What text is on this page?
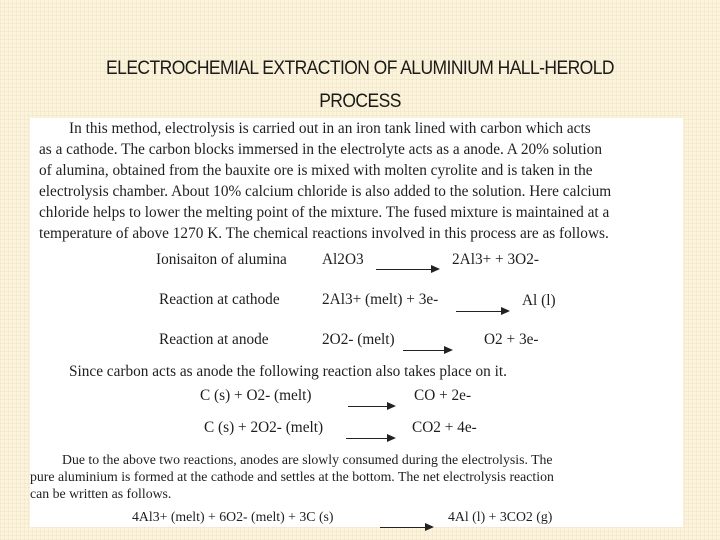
ELECTROCHEMIAL EXTRACTION OF ALUMINIUM HALL-HEROLD
PROCESS
In this method, electrolysis is carried out in an iron tank lined with carbon which acts
as a cathode. The carbon blocks immersed in the electrolyte acts as a anode. A 20% solution
of alumina, obtained from the bauxite ore is mixed with molten cyrolite and is taken in the
electrolysis chamber. About 10% calcium chloride is also added to the solution. Here calcium
chloride helps to lower the melting point of the mixture. The fused mixture is maintained at a
temperature of above 1270 K. The chemical reactions involved in this process are as follows.
Ionisaiton of alumina Al2O3	2Al3+ + 3O2-
Reaction at cathode	2Al3+ (melt) + 3e-	Al (l)
Reaction at anode	2O2- (melt)	O2 + 3e-
Since carbon acts as anode the following reaction also takes place on it.
C (s) + O2- (melt)	CO + 2e-
C (s) + 2O2- (melt)	CO2 + 4e-
Due to the above two reactions, anodes are slowly consumed during the electrolysis. The
pure aluminium is formed at the cathode and settles at the bottom. The net electrolysis reaction
can be written as follows.
4Al3+ (melt) + 6O2- (melt) + 3C (s)	4Al (l) + 3CO2 (g)
